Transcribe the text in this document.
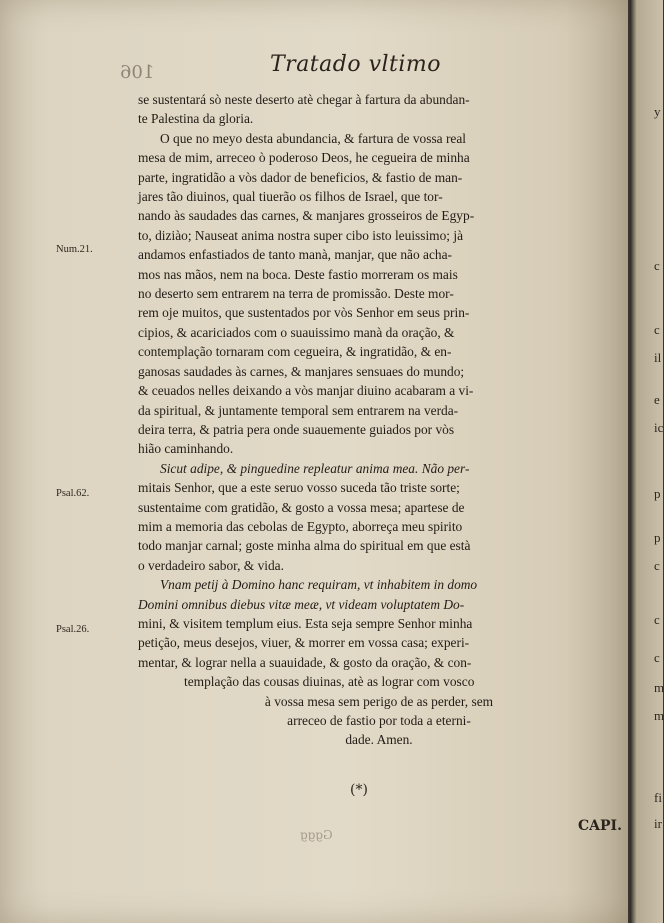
106	Tratado vltimo
se sustentará sò neste deserto atè chegar à fartura da abundan-
te Palestina da gloria.
O que no meyo desta abundancia, & fartura de vossa real
mesa de mim, arreceo ò poderoso Deos, he cegueira de minha
parte, ingratidão a vòs dador de beneficios, & fastio de man-
jares tão diuinos, qual tiuerão os filhos de Israel, que tor-
nando às saudades das carnes, & manjares grosseiros de Egyp-
to, diziào; Nauseat anima nostra super cibo isto leuissimo; jà
andamos enfastiados de tanto manà, manjar, que não acha-
mos nas mãos, nem na boca. Deste fastio morreram os mais
no deserto sem entrarem na terra de promissão. Deste mor-
rem oje muitos, que sustentados por vòs Senhor em seus prin-
cipios, & acariciados com o suauissimo manà da oração, &
contemplação tornaram com cegueira, & ingratidão, & en-
ganosas saudades às carnes, & manjares sensuaes do mundo;
& ceuados nelles deixando a vòs manjar diuino acabaram a vi-
da spiritual, & juntamente temporal sem entrarem na verda-
deira terra, & patria pera onde suauemente guiados por vòs
hião caminhando.
Sicut adipe, & pinguedine repleatur anima mea. Não per-
mitais Senhor, que a este seruo vosso suceda tão triste sorte;
sustentaime com gratidão, & gosto a vossa mesa; apartese de
mim a memoria das cebolas de Egypto, aborreça meu spirito
todo manjar carnal; goste minha alma do spiritual em que està
o verdadeiro sabor, & vida.
Vnam petij à Domino hanc requiram, vt inhabitem in domo
Domini omnibus diebus vitæ meæ, vt videam voluptatem Do-
mini, & visitem templum eius. Esta seja sempre Senhor minha
petição, meus desejos, viuer, & morrer em vossa casa; experi-
mentar, & lograr nella a suauidade, & gosto da oração, & con-
templação das cousas diuinas, atè as lograr com vosco
à vossa mesa sem perigo de as perder, sem
arreceo de fastio por toda a eterni-
dade. Amen.
Num.21.
Psal.62.
Psal.26.
(*)
Gggg
CAPI.
y
c
c
il
e
ic
p
p
c
c
c
m
m
fi
ir
